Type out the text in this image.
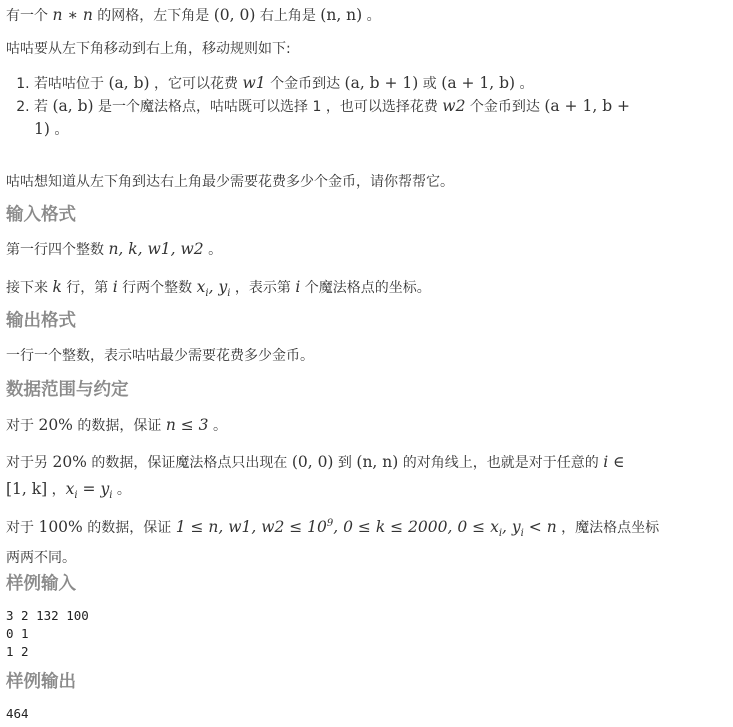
有一个 n ∗ n 的网格，左下角是 (0, 0) 右上角是 (n, n) 。

咕咕要从左下角移动到右上角，移动规则如下:

1. 若咕咕位于 (a, b) ，它可以花费 w1 个金币到达 (a, b + 1) 或 (a + 1, b) 。
2. 若 (a, b) 是一个魔法格点，咕咕既可以选择 1 ，也可以选择花费 w2 个金币到达 (a + 1, b +
1) 。

咕咕想知道从左下角到达右上角最少需要花费多少个金币，请你帮帮它。

输入格式

第一行四个整数 n, k, w1, w2 。

接下来 k 行，第 i 行两个整数 $x_i$, $y_i$ ，表示第 i 个魔法格点的坐标。

输出格式

一行一个整数，表示咕咕最少需要花费多少金币。

数据范围与约定

对于 20% 的数据，保证 n ≤ 3 。

对于另 20% 的数据，保证魔法格点只出现在 (0, 0) 到 (n, n) 的对角线上，也就是对于任意的 i ∈

[1, k] ，$x_i = y_i$ 。

对于 100% 的数据，保证 1 ≤ n, w1, $w2 \le 10^9$, 0 ≤ k ≤ 2000, $0 \le x_i$, $y_i < n$ ，魔法格点坐标

两两不同。

样例输入

3 2 132 100

0 1

1 2

样例输出

464
